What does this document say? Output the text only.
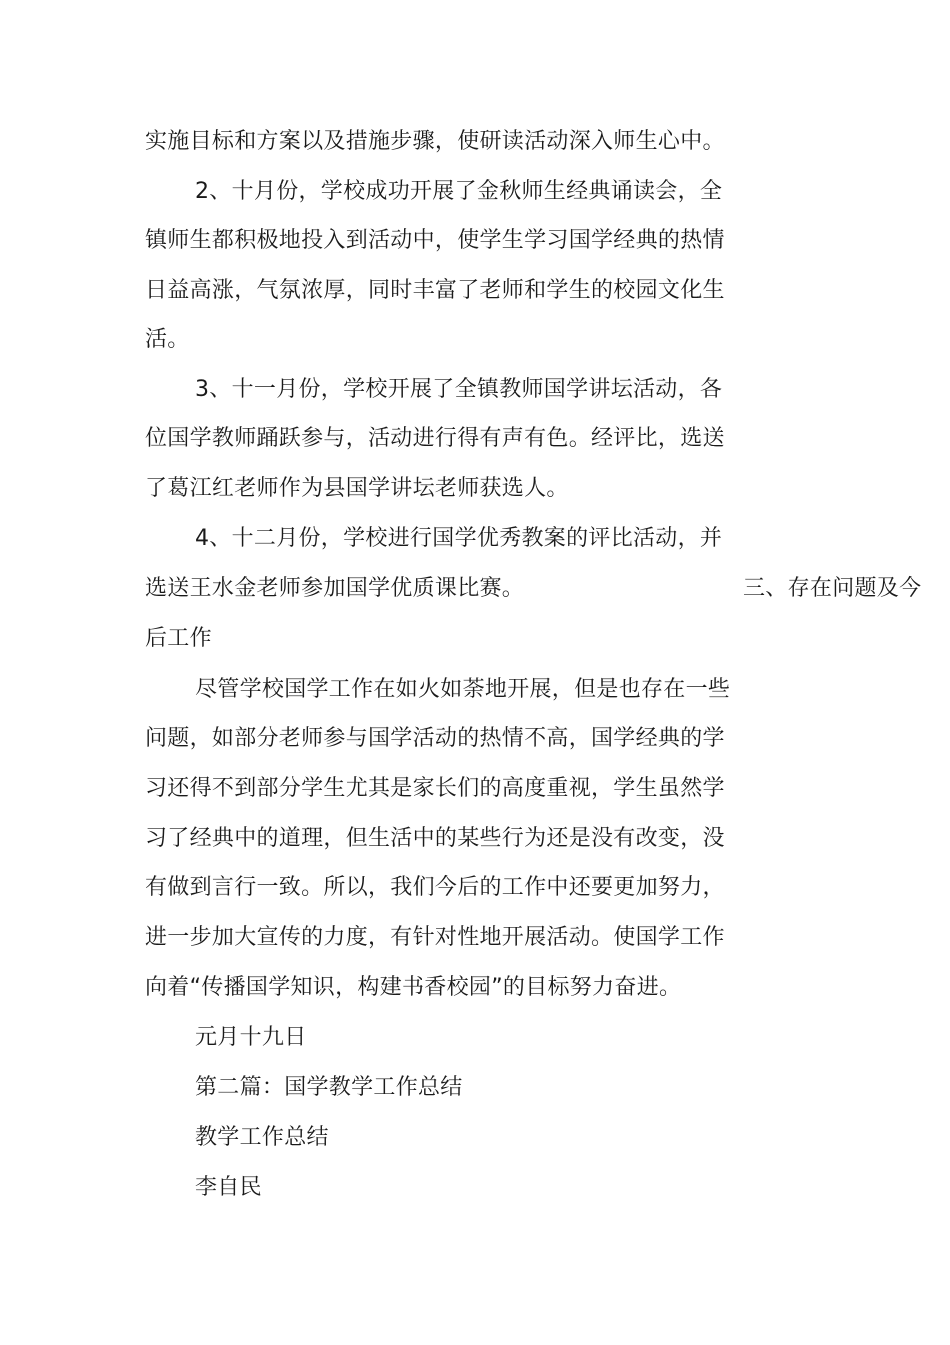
实施目标和方案以及措施步骤，使研读活动深入师生心中。
2、十月份，学校成功开展了金秋师生经典诵读会，全
镇师生都积极地投入到活动中，使学生学习国学经典的热情
日益高涨，气氛浓厚，同时丰富了老师和学生的校园文化生
活。
3、十一月份，学校开展了全镇教师国学讲坛活动，各
位国学教师踊跃参与，活动进行得有声有色。经评比，选送
了葛江红老师作为县国学讲坛老师获选人。
4、十二月份，学校进行国学优秀教案的评比活动，并
选送王水金老师参加国学优质课比赛。	三、存在问题及今
后工作
尽管学校国学工作在如火如荼地开展，但是也存在一些
问题，如部分老师参与国学活动的热情不高，国学经典的学
习还得不到部分学生尤其是家长们的高度重视，学生虽然学
习了经典中的道理，但生活中的某些行为还是没有改变，没
有做到言行一致。所以，我们今后的工作中还要更加努力，
进一步加大宣传的力度，有针对性地开展活动。使国学工作
向着“传播国学知识，构建书香校园”的目标努力奋进。
元月十九日
第二篇：国学教学工作总结
教学工作总结
李自民
